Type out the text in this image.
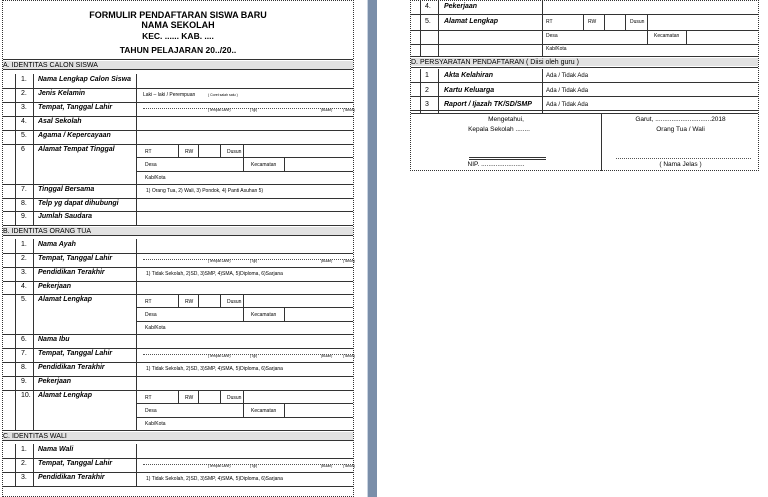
FORMULIR PENDAFTARAN SISWA BARU
NAMA SEKOLAH
KEC. ...... KAB. ....
TAHUN PELAJARAN 20../20..
A. IDENTITAS CALON SISWA
B. IDENTITAS ORANG TUA
C. IDENTITAS WALI
1. Nama Lengkap Calon Siswa
2. Jenis Kelamin	Laki – laki / Perempuan	( Coret salah satu )
3. Tempat, Tanggal Lahir	(Tempat Lahir)	(Tgl)	(Bulan)	(Tahun)
4. Asal Sekolah
5. Agama / Kepercayaan
6 Alamat Tempat Tinggal	RT	RW	Dusun
Desa	Kecamatan
Kab/Kota
7. Tinggal Bersama	1) Orang Tua, 2) Wali, 3) Pondok, 4) Panti Asuhan 5)
8. Telp yg dapat dihubungi
9. Jumlah Saudara
1. Nama Ayah
2. Tempat, Tanggal Lahir	(Tempat Lahir)	(Tgl)	(Bulan)	(Tahun)
3. Pendidikan Terakhir	1) Tidak Sekolah, 2)SD, 3)SMP, 4)SMA, 5)Diploma, 6)Sarjana
4. Pekerjaan
5. Alamat Lengkap	RT	RW	Dusun
Desa	Kecamatan
Kab/Kota
6. Nama Ibu
7. Tempat, Tanggal Lahir	(Tempat Lahir)	(Tgl)	(Bulan)	(Tahun)
8. Pendidikan Terakhir	1) Tidak Sekolah, 2)SD, 3)SMP, 4)SMA, 5)Diploma, 6)Sarjana
9. Pekerjaan
10. Alamat Lengkap	RT	RW	Dusun
Desa	Kecamatan
Kab/Kota
1. Nama Wali
2. Tempat, Tanggal Lahir	(Tempat Lahir)	(Tgl)	(Bulan)	(Tahun)
3. Pendidikan Terakhir	1) Tidak Sekolah, 2)SD, 3)SMP, 4)SMA, 5)Diploma, 6)Sarjana
4. Pekerjaan
5. Alamat Lengkap	RT	RW	Dusun
Desa	Kecamatan
Kab/Kota
D. PERSYARATAN PENDAFTARAN ( Diisi oleh guru )
1 Akta Kelahiran	Ada / Tidak Ada
2 Kartu Keluarga	Ada / Tidak Ada
3 Raport / Ijazah TK/SD/SMP Ada / Tidak Ada
Mengetahui,
Kepala Sekolah ........
NIP. ........................
Garut, ...............................2018
Orang Tua / Wali
( Nama Jelas )
